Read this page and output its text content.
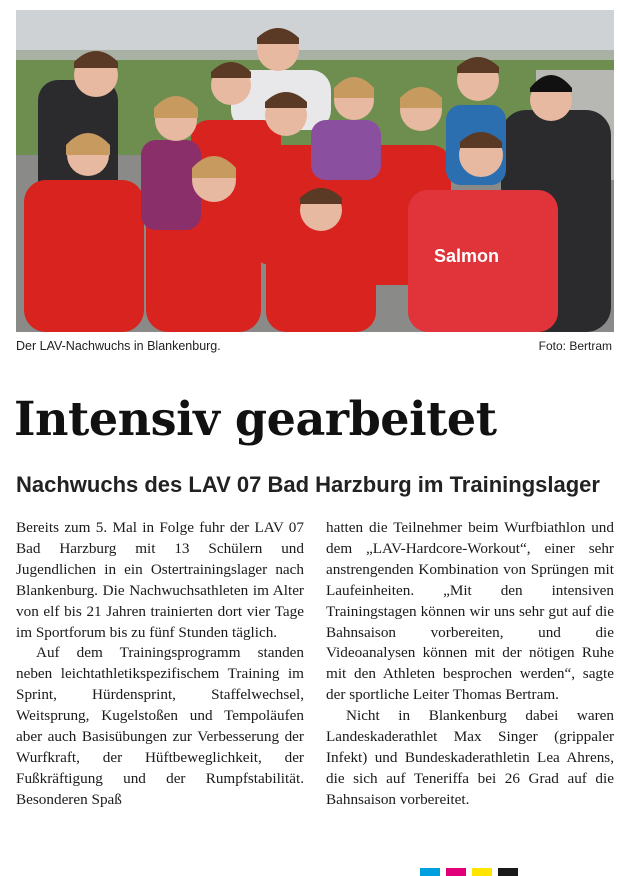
Salmon
Der LAV-Nachwuchs in Blankenburg.	Foto: Bertram
Intensiv gearbeitet
Nachwuchs des LAV 07 Bad Harzburg im Trainingslager

Bereits zum 5. Mal in Folge fuhr der LAV 07 Bad Harzburg mit 13 Schülern und Jugendlichen in ein Ostertrainingslager nach Blankenburg. Die Nachwuchsathleten im Alter von elf bis 21 Jahren trainierten dort vier Tage im Sportforum bis zu fünf Stunden täglich.

Auf dem Trainingsprogramm standen neben leichtathletikspezifischem Training im Sprint, Hürdensprint, Staffelwechsel, Weitsprung, Kugelstoßen und Tempoläufen aber auch Basisübungen zur Verbesserung der Wurfkraft, der Hüftbeweglichkeit, der Fußkräftigung und der Rumpfstabilität. Besonderen Spaß

hatten die Teilnehmer beim Wurfbiathlon und dem „LAV-Hardcore-Workout“, einer sehr anstrengenden Kombination von Sprüngen mit Laufeinheiten. „Mit den intensiven Trainingstagen können wir uns sehr gut auf die Bahnsaison vorbereiten, und die Videoanalysen können mit der nötigen Ruhe mit den Athleten besprochen werden“, sagte der sportliche Leiter Thomas Bertram.

Nicht in Blankenburg dabei waren Landeskaderathlet Max Singer (grippaler Infekt) und Bundeskaderathletin Lea Ahrens, die sich auf Teneriffa bei 26 Grad auf die Bahnsaison vorbereitet.
